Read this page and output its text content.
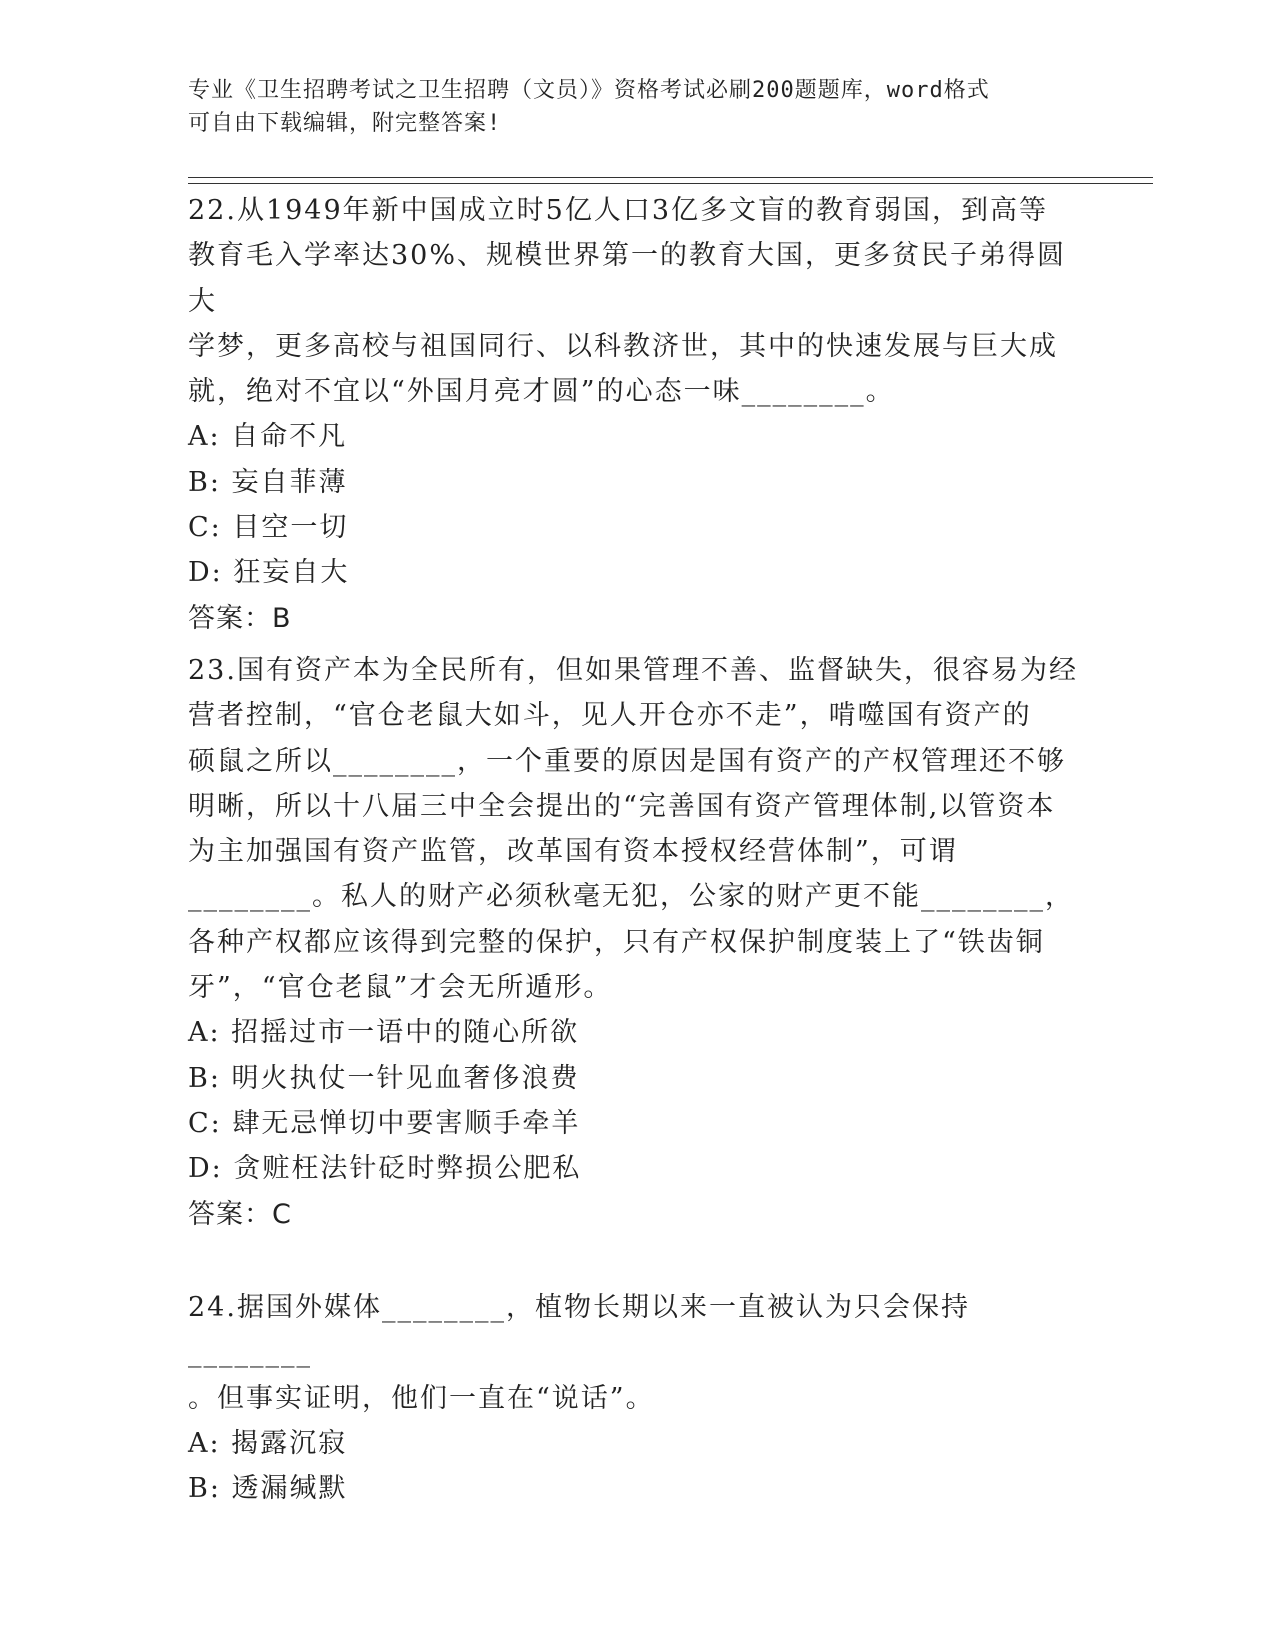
专业《卫生招聘考试之卫生招聘（文员）》资格考试必刷200题题库，word格式
可自由下载编辑，附完整答案!

22.从1949年新中国成立时5亿人口3亿多文盲的教育弱国，到高等

教育毛入学率达30%、规模世界第一的教育大国，更多贫民子弟得圆大

学梦，更多高校与祖国同行、以科教济世，其中的快速发展与巨大成

就，绝对不宜以“外国月亮才圆”的心态一味________。

A: 自命不凡

B: 妄自菲薄

C: 目空一切

D: 狂妄自大

答案：B

23.国有资产本为全民所有，但如果管理不善、监督缺失，很容易为经

营者控制，“官仓老鼠大如斗，见人开仓亦不走”，啃噬国有资产的

硕鼠之所以________，一个重要的原因是国有资产的产权管理还不够

明晰，所以十八届三中全会提出的“完善国有资产管理体制,以管资本

为主加强国有资产监管，改革国有资本授权经营体制”，可谓

________。私人的财产必须秋毫无犯，公家的财产更不能________，

各种产权都应该得到完整的保护，只有产权保护制度装上了“铁齿铜

牙”，“官仓老鼠”才会无所遁形。

A: 招摇过市一语中的随心所欲

B: 明火执仗一针见血奢侈浪费

C: 肆无忌惮切中要害顺手牵羊

D: 贪赃枉法针砭时弊损公肥私

答案：C

24.据国外媒体________，植物长期以来一直被认为只会保持________

。但事实证明，他们一直在“说话”。

A: 揭露沉寂

B: 透漏缄默
